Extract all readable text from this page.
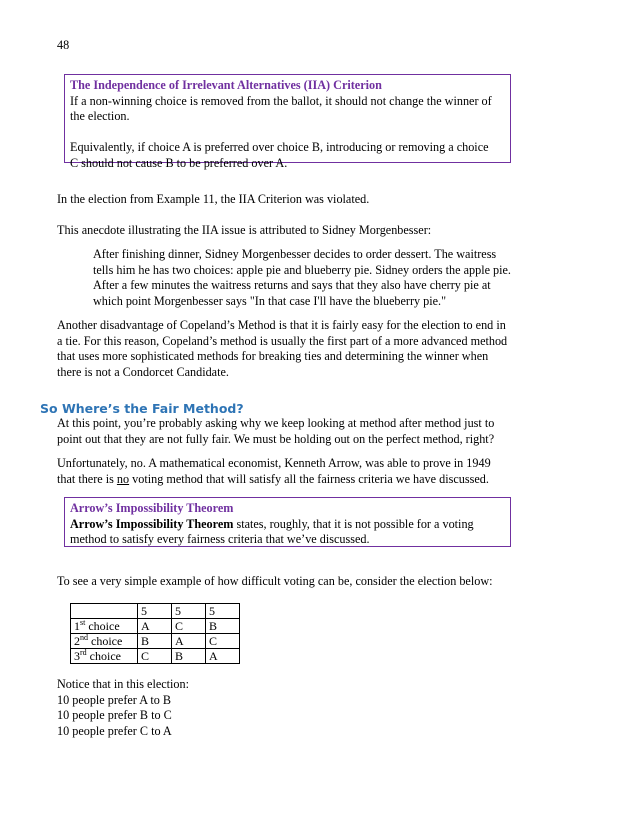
48

The Independence of Irrelevant Alternatives (IIA) Criterion

If a non-winning choice is removed from the ballot, it should not change the winner of

the election.

Equivalently, if choice A is preferred over choice B, introducing or removing a choice

C should not cause B to be preferred over A.

In the election from Example 11, the IIA Criterion was violated.

This anecdote illustrating the IIA issue is attributed to Sidney Morgenbesser:

After finishing dinner, Sidney Morgenbesser decides to order dessert. The waitress

tells him he has two choices: apple pie and blueberry pie. Sidney orders the apple pie.

After a few minutes the waitress returns and says that they also have cherry pie at

which point Morgenbesser says "In that case I'll have the blueberry pie."

Another disadvantage of Copeland’s Method is that it is fairly easy for the election to end in

a tie. For this reason, Copeland’s method is usually the first part of a more advanced method

that uses more sophisticated methods for breaking ties and determining the winner when

there is not a Condorcet Candidate.

So Where’s the Fair Method?

At this point, you’re probably asking why we keep looking at method after method just to

point out that they are not fully fair. We must be holding out on the perfect method, right?

Unfortunately, no. A mathematical economist, Kenneth Arrow, was able to prove in 1949

that there is no voting method that will satisfy all the fairness criteria we have discussed.

Arrow’s Impossibility Theorem

Arrow’s Impossibility Theorem states, roughly, that it is not possible for a voting

method to satisfy every fairness criteria that we’ve discussed.

To see a very simple example of how difficult voting can be, consider the election below:

	5	5	5
1st choice	A	C	B
2nd choice	B	A	C
3rd choice	C	B	A

Notice that in this election:

10 people prefer A to B

10 people prefer B to C

10 people prefer C to A
